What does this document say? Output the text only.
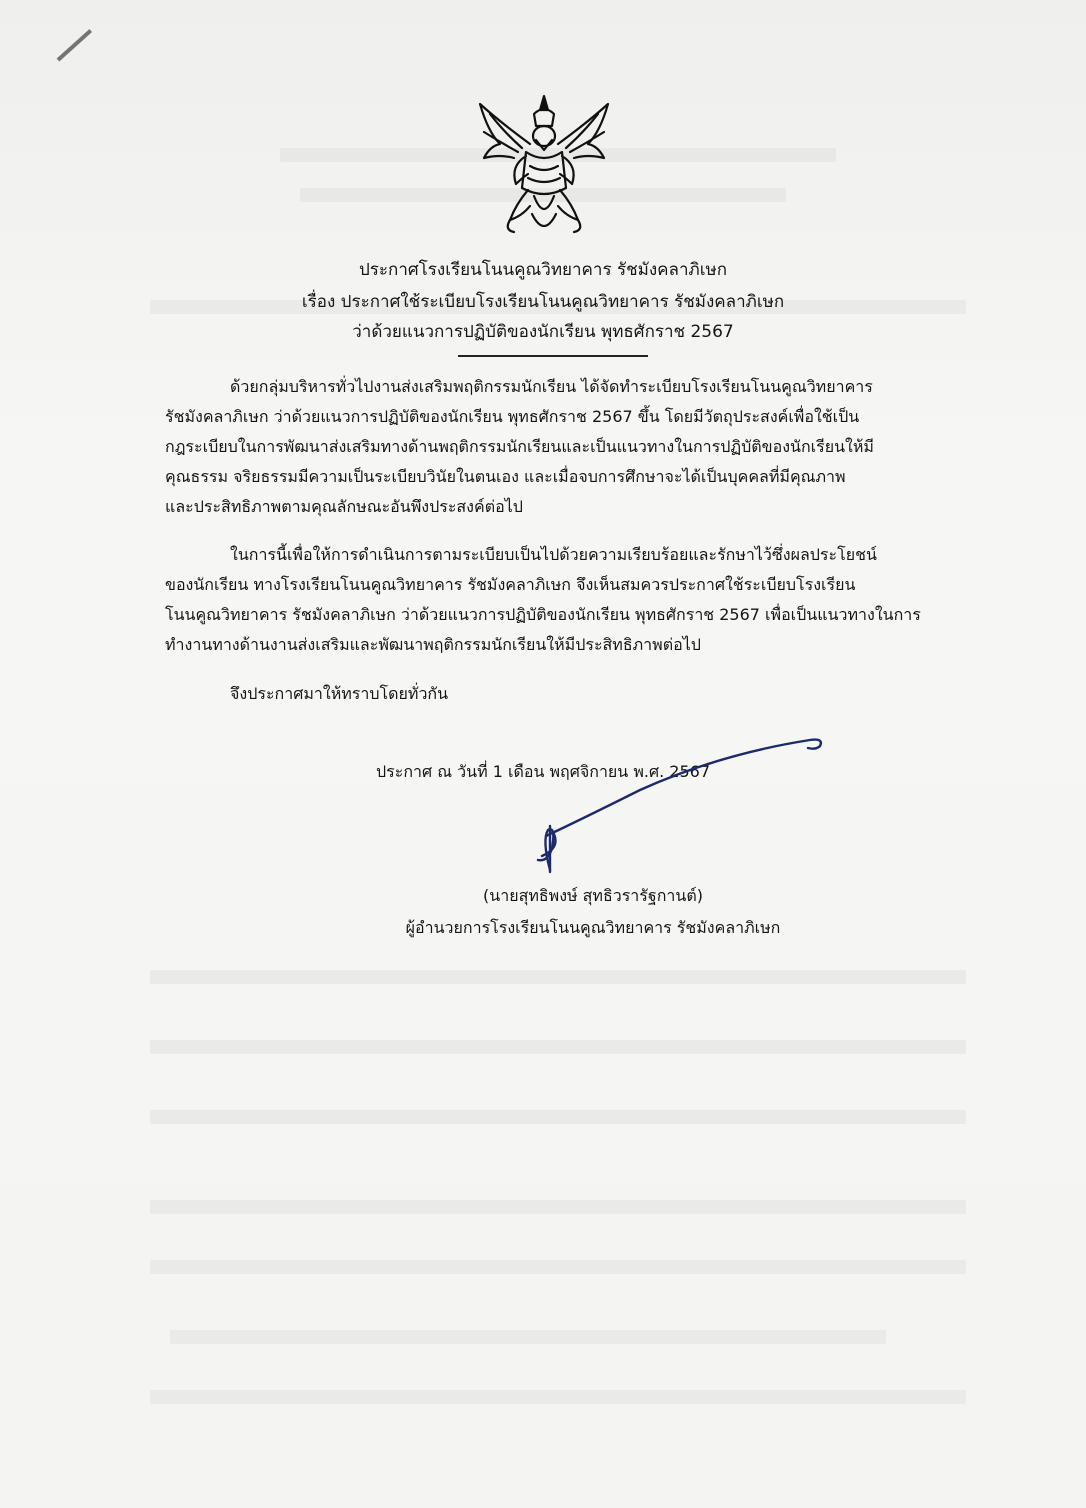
ประกาศโรงเรียนโนนคูณวิทยาคาร รัชมังคลาภิเษก
เรื่อง ประกาศใช้ระเบียบโรงเรียนโนนคูณวิทยาคาร รัชมังคลาภิเษก
ว่าด้วยแนวการปฏิบัติของนักเรียน พุทธศักราช 2567
ด้วยกลุ่มบริหารทั่วไปงานส่งเสริมพฤติกรรมนักเรียน ได้จัดทำระเบียบโรงเรียนโนนคูณวิทยาคาร
รัชมังคลาภิเษก ว่าด้วยแนวการปฏิบัติของนักเรียน พุทธศักราช 2567 ขึ้น โดยมีวัตถุประสงค์เพื่อใช้เป็น
กฎระเบียบในการพัฒนาส่งเสริมทางด้านพฤติกรรมนักเรียนและเป็นแนวทางในการปฏิบัติของนักเรียนให้มี
คุณธรรม จริยธรรมมีความเป็นระเบียบวินัยในตนเอง และเมื่อจบการศึกษาจะได้เป็นบุคคลที่มีคุณภาพ
และประสิทธิภาพตามคุณลักษณะอันพึงประสงค์ต่อไป
ในการนี้เพื่อให้การดำเนินการตามระเบียบเป็นไปด้วยความเรียบร้อยและรักษาไว้ซึ่งผลประโยชน์
ของนักเรียน ทางโรงเรียนโนนคูณวิทยาคาร รัชมังคลาภิเษก จึงเห็นสมควรประกาศใช้ระเบียบโรงเรียน
โนนคูณวิทยาคาร รัชมังคลาภิเษก ว่าด้วยแนวการปฏิบัติของนักเรียน พุทธศักราช 2567 เพื่อเป็นแนวทางในการ
ทำงานทางด้านงานส่งเสริมและพัฒนาพฤติกรรมนักเรียนให้มีประสิทธิภาพต่อไป
จึงประกาศมาให้ทราบโดยทั่วกัน
ประกาศ ณ วันที่ 1 เดือน พฤศจิกายน พ.ศ. 2567
(นายสุทธิพงษ์ สุทธิวรารัฐกานต์)
ผู้อำนวยการโรงเรียนโนนคูณวิทยาคาร รัชมังคลาภิเษก
